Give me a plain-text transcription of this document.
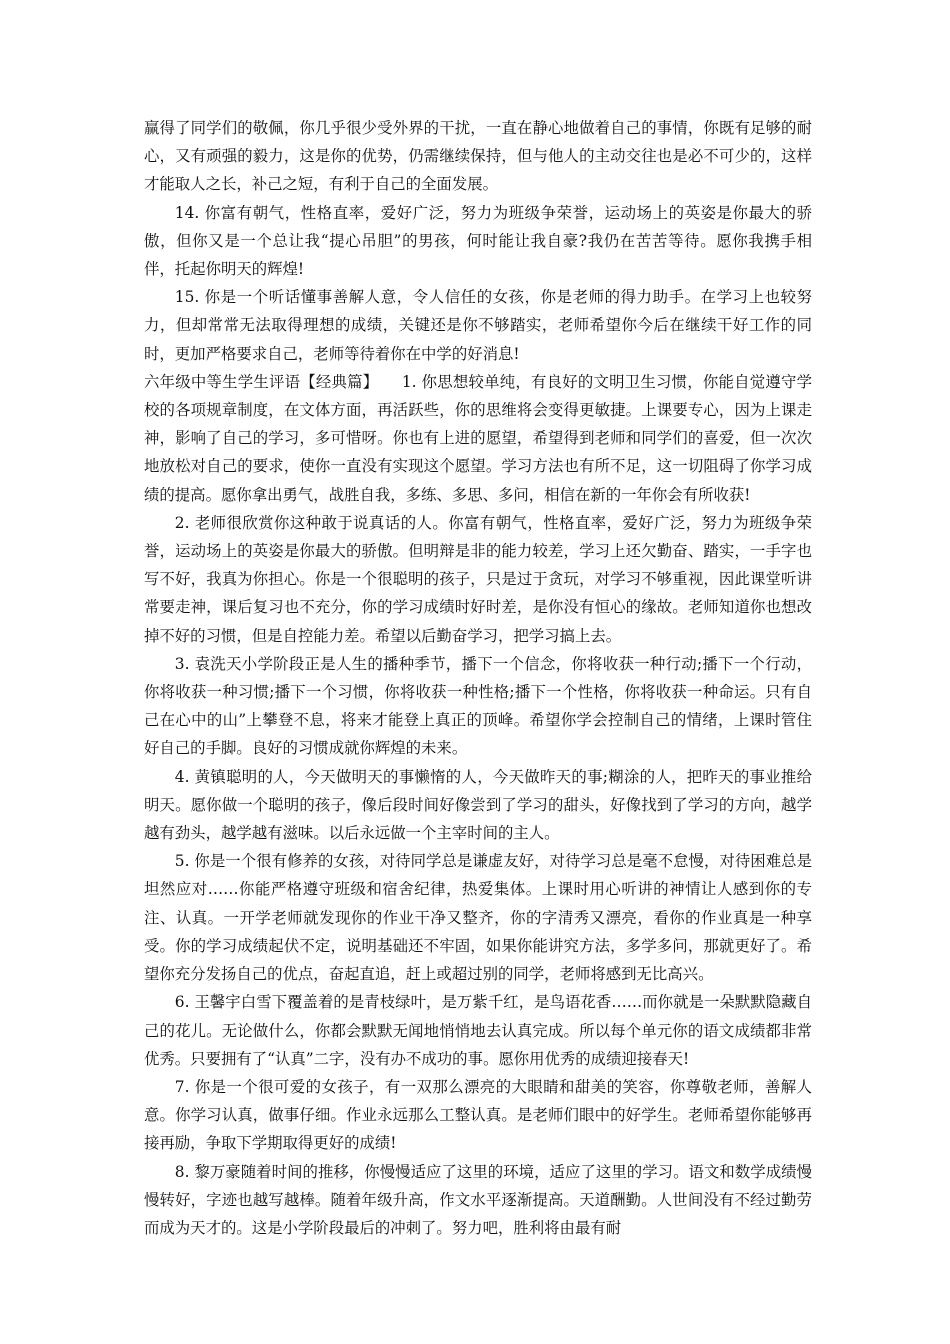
赢得了同学们的敬佩，你几乎很少受外界的干扰，一直在静心地做着自己的事情，你既有足够的耐心，又有顽强的毅力，这是你的优势，仍需继续保持，但与他人的主动交往也是必不可少的，这样才能取人之长，补己之短，有利于自己的全面发展。

14. 你富有朝气，性格直率，爱好广泛，努力为班级争荣誉，运动场上的英姿是你最大的骄傲，但你又是一个总让我“提心吊胆”的男孩，何时能让我自豪?我仍在苦苦等待。愿你我携手相伴，托起你明天的辉煌!

15. 你是一个听话懂事善解人意，令人信任的女孩，你是老师的得力助手。在学习上也较努力，但却常常无法取得理想的成绩，关键还是你不够踏实，老师希望你今后在继续干好工作的同时，更加严格要求自己，老师等待着你在中学的好消息!

六年级中等生学生评语【经典篇】　　1. 你思想较单纯，有良好的文明卫生习惯，你能自觉遵守学校的各项规章制度，在文体方面，再活跃些，你的思维将会变得更敏捷。上课要专心，因为上课走神，影响了自己的学习，多可惜呀。你也有上进的愿望，希望得到老师和同学们的喜爱，但一次次地放松对自己的要求，使你一直没有实现这个愿望。学习方法也有所不足，这一切阻碍了你学习成绩的提高。愿你拿出勇气，战胜自我，多练、多思、多问，相信在新的一年你会有所收获!

2. 老师很欣赏你这种敢于说真话的人。你富有朝气，性格直率，爱好广泛，努力为班级争荣誉，运动场上的英姿是你最大的骄傲。但明辩是非的能力较差，学习上还欠勤奋、踏实，一手字也写不好，我真为你担心。你是一个很聪明的孩子，只是过于贪玩，对学习不够重视，因此课堂听讲常要走神，课后复习也不充分，你的学习成绩时好时差，是你没有恒心的缘故。老师知道你也想改掉不好的习惯，但是自控能力差。希望以后勤奋学习，把学习搞上去。

3. 袁洗天小学阶段正是人生的播种季节，播下一个信念，你将收获一种行动;播下一个行动，你将收获一种习惯;播下一个习惯，你将收获一种性格;播下一个性格，你将收获一种命运。只有自己在心中的山”上攀登不息，将来才能登上真正的顶峰。希望你学会控制自己的情绪，上课时管住好自己的手脚。良好的习惯成就你辉煌的未来。

4. 黄镇聪明的人，今天做明天的事懒惰的人，今天做昨天的事;糊涂的人，把昨天的事业推给明天。愿你做一个聪明的孩子，像后段时间好像尝到了学习的甜头，好像找到了学习的方向，越学越有劲头，越学越有滋味。以后永远做一个主宰时间的主人。

5. 你是一个很有修养的女孩，对待同学总是谦虚友好，对待学习总是毫不怠慢，对待困难总是坦然应对……你能严格遵守班级和宿舍纪律，热爱集体。上课时用心听讲的神情让人感到你的专注、认真。一开学老师就发现你的作业干净又整齐，你的字清秀又漂亮，看你的作业真是一种享受。你的学习成绩起伏不定，说明基础还不牢固，如果你能讲究方法，多学多问，那就更好了。希望你充分发扬自己的优点，奋起直追，赶上或超过别的同学，老师将感到无比高兴。

6. 王馨宇白雪下覆盖着的是青枝绿叶，是万紫千红，是鸟语花香……而你就是一朵默默隐藏自己的花儿。无论做什么，你都会默默无闻地悄悄地去认真完成。所以每个单元你的语文成绩都非常优秀。只要拥有了“认真”二字，没有办不成功的事。愿你用优秀的成绩迎接春天!

7. 你是一个很可爱的女孩子，有一双那么漂亮的大眼睛和甜美的笑容，你尊敬老师，善解人意。你学习认真，做事仔细。作业永远那么工整认真。是老师们眼中的好学生。老师希望你能够再接再励，争取下学期取得更好的成绩!

8. 黎万豪随着时间的推移，你慢慢适应了这里的环境，适应了这里的学习。语文和数学成绩慢慢转好，字迹也越写越棒。随着年级升高，作文水平逐渐提高。天道酬勤。人世间没有不经过勤劳而成为天才的。这是小学阶段最后的冲刺了。努力吧，胜利将由最有耐
